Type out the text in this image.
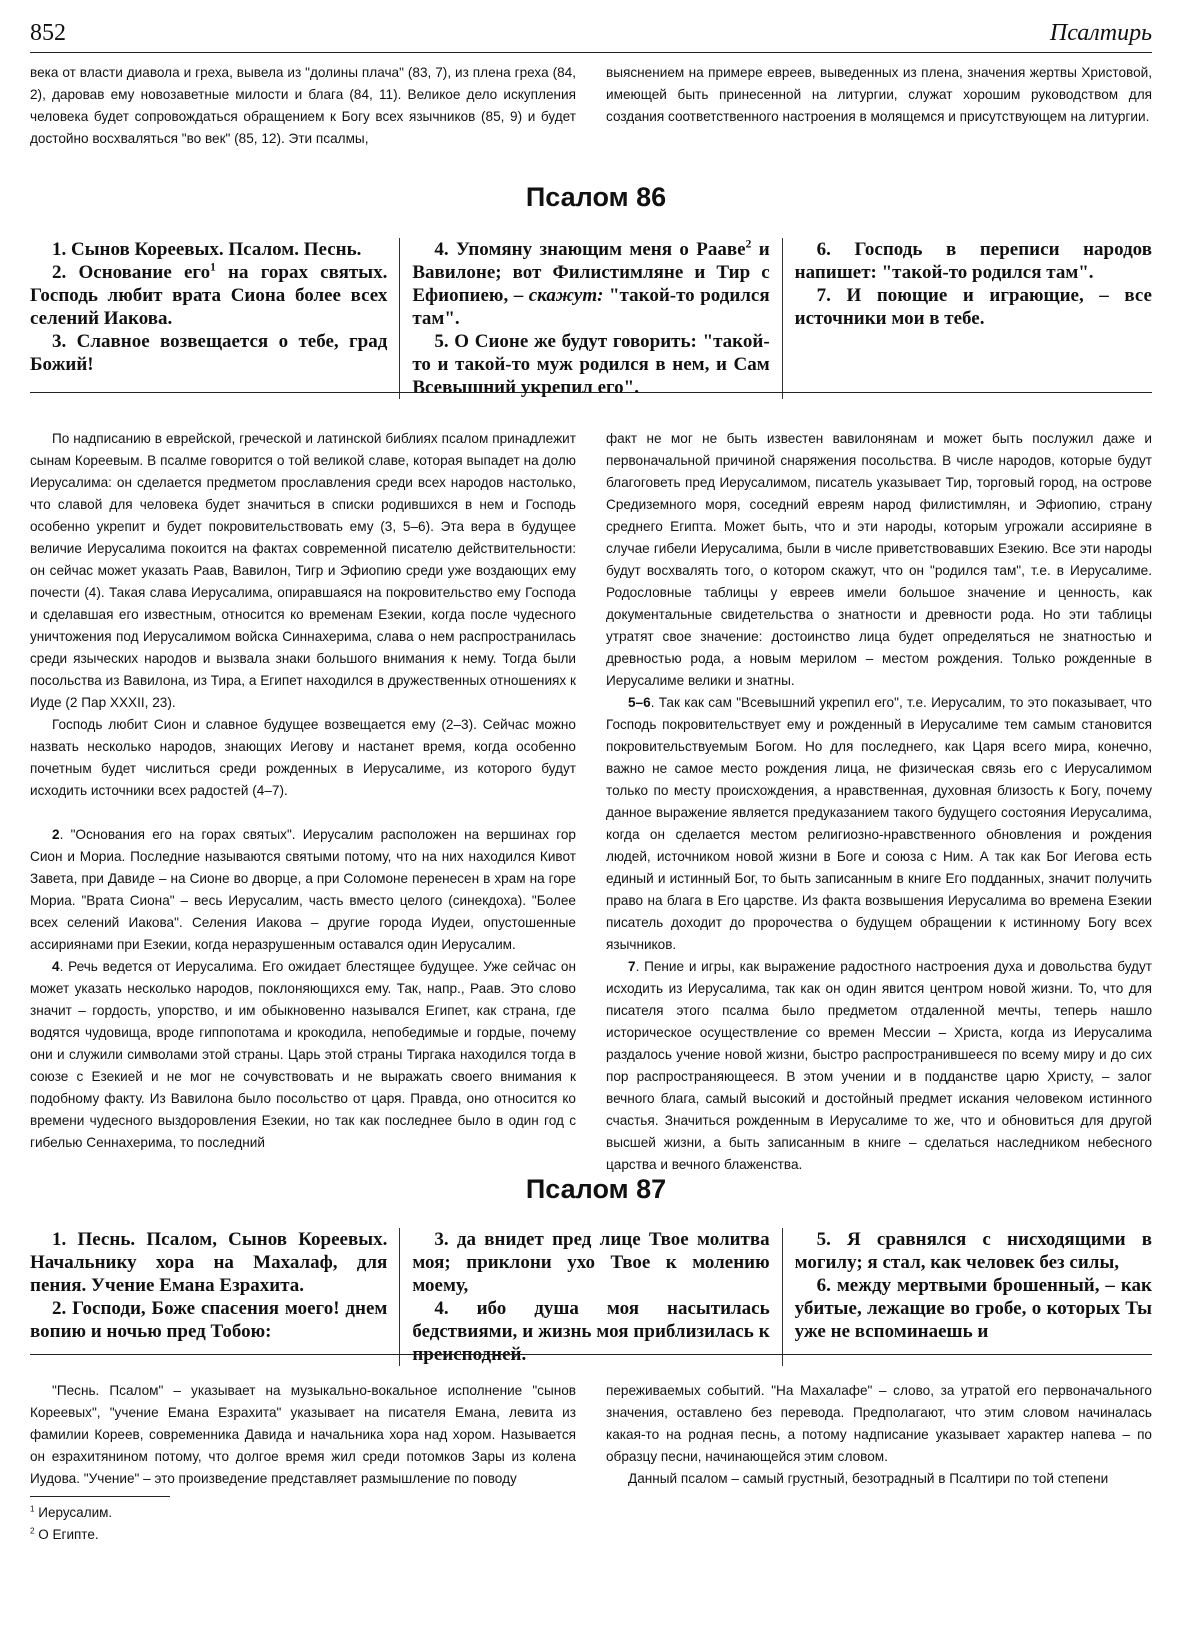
852	Псалтирь

века от власти диавола и греха, вывела из "долины плача" (83, 7), из плена греха (84, 2), даровав ему новозаветные милости и блага (84, 11). Великое дело искупления человека будет сопровождаться обращением к Богу всех язычников (85, 9) и будет достойно восхваляться "во век" (85, 12). Эти псалмы,

выяснением на примере евреев, выведенных из плена, значения жертвы Христовой, имеющей быть принесенной на литургии, служат хорошим руководством для создания соответственного настроения в молящемся и присутствующем на литургии.

Псалом 86

1. Сынов Кореевых. Псалом. Песнь.

2. Основание его$^1$ на горах святых. Господь любит врата Сиона более всех селений Иакова.

3. Славное возвещается о тебе, град Божий!

4. Упомяну знающим меня о Рааве$^2$ и Вавилоне; вот Филистимляне и Тир с Ефиопиею, – скажут: "такой-то родился там".

5. О Сионе же будут говорить: "такой-то и такой-то муж родился в нем, и Сам Всевышний укрепил его".

6. Господь в переписи народов напишет: "такой-то родился там".

7. И поющие и играющие, – все источники мои в тебе.

По надписанию в еврейской, греческой и латинской библиях псалом принадлежит сынам Кореевым. В псалме говорится о той великой славе, которая выпадет на долю Иерусалима: он сделается предметом прославления среди всех народов настолько, что славой для человека будет значиться в списки родившихся в нем и Господь особенно укрепит и будет покровительствовать ему (3, 5–6). Эта вера в будущее величие Иерусалима покоится на фактах современной писателю действительности: он сейчас может указать Раав, Вавилон, Тигр и Эфиопию среди уже воздающих ему почести (4). Такая слава Иерусалима, опиравшаяся на покровительство ему Господа и сделавшая его известным, относится ко временам Езекии, когда после чудесного уничтожения под Иерусалимом войска Синнахерима, слава о нем распространилась среди языческих народов и вызвала знаки большого внимания к нему. Тогда были посольства из Вавилона, из Тира, а Египет находился в дружественных отношениях к Иуде (2 Пар XXXII, 23).

Господь любит Сион и славное будущее возвещается ему (2–3). Сейчас можно назвать несколько народов, знающих Иегову и настанет время, когда особенно почетным будет числиться среди рожденных в Иерусалиме, из которого будут исходить источники всех радостей (4–7).

2. "Основания его на горах святых". Иерусалим расположен на вершинах гор Сион и Мориа. Последние называются святыми потому, что на них находился Кивот Завета, при Давиде – на Сионе во дворце, а при Соломоне перенесен в храм на горе Мориа. "Врата Сиона" – весь Иерусалим, часть вместо целого (синекдоха). "Более всех селений Иакова". Селения Иакова – другие города Иудеи, опустошенные ассириянами при Езекии, когда неразрушенным оставался один Иерусалим.

4. Речь ведется от Иерусалима. Его ожидает блестящее будущее. Уже сейчас он может указать несколько народов, поклоняющихся ему. Так, напр., Раав. Это слово значит – гордость, упорство, и им обыкновенно назывался Египет, как страна, где водятся чудовища, вроде гиппопотама и крокодила, непобедимые и гордые, почему они и служили символами этой страны. Царь этой страны Тиргака находился тогда в союзе с Езекией и не мог не сочувствовать и не выражать своего внимания к подобному факту. Из Вавилона было посольство от царя. Правда, оно относится ко времени чудесного выздоровления Езекии, но так как последнее было в один год с гибелью Сеннахерима, то последний

факт не мог не быть известен вавилонянам и может быть послужил даже и первоначальной причиной снаряжения посольства. В числе народов, которые будут благоговеть пред Иерусалимом, писатель указывает Тир, торговый город, на острове Средиземного моря, соседний евреям народ филистимлян, и Эфиопию, страну среднего Египта. Может быть, что и эти народы, которым угрожали ассирияне в случае гибели Иерусалима, были в числе приветствовавших Езекию. Все эти народы будут восхвалять того, о котором скажут, что он "родился там", т.е. в Иерусалиме. Родословные таблицы у евреев имели большое значение и ценность, как документальные свидетельства о знатности и древности рода. Но эти таблицы утратят свое значение: достоинство лица будет определяться не знатностью и древностью рода, а новым мерилом – местом рождения. Только рожденные в Иерусалиме велики и знатны.

5–6. Так как сам "Всевышний укрепил его", т.е. Иерусалим, то это показывает, что Господь покровительствует ему и рожденный в Иерусалиме тем самым становится покровительствуемым Богом. Но для последнего, как Царя всего мира, конечно, важно не самое место рождения лица, не физическая связь его с Иерусалимом только по месту происхождения, а нравственная, духовная близость к Богу, почему данное выражение является предуказанием такого будущего состояния Иерусалима, когда он сделается местом религиозно-нравственного обновления и рождения людей, источником новой жизни в Боге и союза с Ним. А так как Бог Иегова есть единый и истинный Бог, то быть записанным в книге Его подданных, значит получить право на блага в Его царстве. Из факта возвышения Иерусалима во времена Езекии писатель доходит до пророчества о будущем обращении к истинному Богу всех язычников.

7. Пение и игры, как выражение радостного настроения духа и довольства будут исходить из Иерусалима, так как он один явится центром новой жизни. То, что для писателя этого псалма было предметом отдаленной мечты, теперь нашло историческое осуществление со времен Мессии – Христа, когда из Иерусалима раздалось учение новой жизни, быстро распространившееся по всему миру и до сих пор распространяющееся. В этом учении и в подданстве царю Христу, – залог вечного блага, самый высокий и достойный предмет искания человеком истинного счастья. Значиться рожденным в Иерусалиме то же, что и обновиться для другой высшей жизни, а быть записанным в книге – сделаться наследником небесного царства и вечного блаженства.

Псалом 87

1. Песнь. Псалом, Сынов Кореевых. Начальнику хора на Махалаф, для пения. Учение Емана Езрахита.

2. Господи, Боже спасения моего! днем вопию и ночью пред Тобою:

3. да внидет пред лице Твое молитва моя; приклони ухо Твое к молению моему,

4. ибо душа моя насытилась бедствиями, и жизнь моя приблизилась к преисподней.

5. Я сравнялся с нисходящими в могилу; я стал, как человек без силы,

6. между мертвыми брошенный, – как убитые, лежащие во гробе, о которых Ты уже не вспоминаешь и

"Песнь. Псалом" – указывает на музыкально-вокальное исполнение "сынов Кореевых", "учение Емана Езрахита" указывает на писателя Емана, левита из фамилии Кореев, современника Давида и начальника хора над хором. Называется он езрахитянином потому, что долгое время жил среди потомков Зары из колена Иудова. "Учение" – это произведение представляет размышление по поводу

переживаемых событий. "На Махалафе" – слово, за утратой его первоначального значения, оставлено без перевода. Предполагают, что этим словом начиналась какая-то на родная песнь, а потому надписание указывает характер напева – по образцу песни, начинающейся этим словом.

Данный псалом – самый грустный, безотрадный в Псалтири по той степени

$^1$ Иерусалим.

$^2$ О Египте.
